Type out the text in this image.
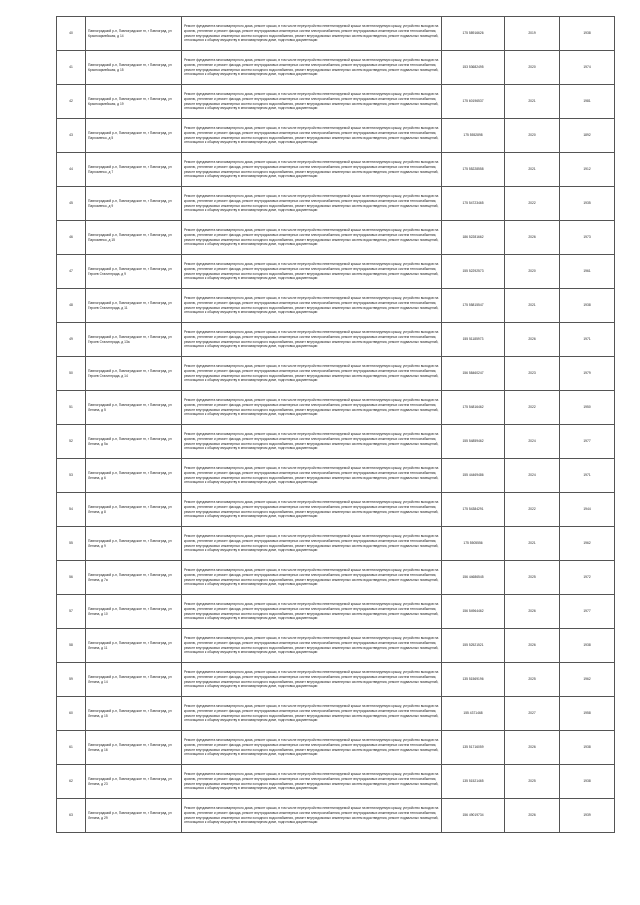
40	Павлоградский р-н, Павлоградское гп, г Павлоград, ул Красноармейская, д 14	Ремонт фундамента многоквартирного дома, ремонт крыши, в том числе переустройство невентилируемой крыши на вентилируемую крышу, устройство выходов на кровлю, утепление и ремонт фасада, ремонт внутридомовых инженерных систем электроснабжения, ремонт внутридомовых инженерных систем теплоснабжения, ремонт внутридомовых инженерных систем холодного водоснабжения, ремонт внутридомовых инженерных систем водоотведения, ремонт подвальных помещений, относящихся к общему имуществу в многоквартирном доме, подготовка документации	175 58916626	2019	1938
41	Павлоградский р-н, Павлоградское гп, г Павлоград, ул Красноармейская, д 15	Ремонт фундамента многоквартирного дома, ремонт крыши, в том числе переустройство невентилируемой крыши на вентилируемую крышу, устройство выходов на кровлю, утепление и ремонт фасада, ремонт внутридомовых инженерных систем электроснабжения, ремонт внутридомовых инженерных систем теплоснабжения, ремонт внутридомовых инженерных систем холодного водоснабжения, ремонт внутридомовых инженерных систем водоотведения, ремонт подвальных помещений, относящихся к общему имуществу в многоквартирном доме, подготовка документации	153 53682495	2020	1974
42	Павлоградский р-н, Павлоградское гп, г Павлоград, ул Красноармейская, д 19	Ремонт фундамента многоквартирного дома, ремонт крыши, в том числе переустройство невентилируемой крыши на вентилируемую крышу, устройство выходов на кровлю, утепление и ремонт фасада, ремонт внутридомовых инженерных систем электроснабжения, ремонт внутридомовых инженерных систем теплоснабжения, ремонт внутридомовых инженерных систем холодного водоснабжения, ремонт внутридомовых инженерных систем водоотведения, ремонт подвальных помещений, относящихся к общему имуществу в многоквартирном доме, подготовка документации	175 60196537	2021	1981
43	Павлоградский р-н, Павлоградское гп, г Павлоград, ул Пархоменко, д 5	Ремонт фундамента многоквартирного дома, ремонт крыши, в том числе переустройство невентилируемой крыши на вентилируемую крышу, устройство выходов на кровлю, утепление и ремонт фасада, ремонт внутридомовых инженерных систем электроснабжения, ремонт внутридомовых инженерных систем теплоснабжения, ремонт внутридомовых инженерных систем холодного водоснабжения, ремонт внутридомовых инженерных систем водоотведения, ремонт подвальных помещений, относящихся к общему имуществу в многоквартирном доме, подготовка документации	175 5552898	2020	1892
44	Павлоградский р-н, Павлоградское гп, г Павлоград, ул Пархоменко, д 7	Ремонт фундамента многоквартирного дома, ремонт крыши, в том числе переустройство невентилируемой крыши на вентилируемую крышу, устройство выходов на кровлю, утепление и ремонт фасада, ремонт внутридомовых инженерных систем электроснабжения, ремонт внутридомовых инженерных систем теплоснабжения, ремонт внутридомовых инженерных систем холодного водоснабжения, ремонт внутридомовых инженерных систем водоотведения, ремонт подвальных помещений, относящихся к общему имуществу в многоквартирном доме, подготовка документации	175 55228558	2021	1912
45	Павлоградский р-н, Павлоградское гп, г Павлоград, ул Пархоменко, д 9	Ремонт фундамента многоквартирного дома, ремонт крыши, в том числе переустройство невентилируемой крыши на вентилируемую крышу, устройство выходов на кровлю, утепление и ремонт фасада, ремонт внутридомовых инженерных систем электроснабжения, ремонт внутридомовых инженерных систем теплоснабжения, ремонт внутридомовых инженерных систем холодного водоснабжения, ремонт внутридомовых инженерных систем водоотведения, ремонт подвальных помещений, относящихся к общему имуществу в многоквартирном доме, подготовка документации	175 54723465	2022	1935
46	Павлоградский р-н, Павлоградское гп, г Павлоград, ул Пархоменко, д 15	Ремонт фундамента многоквартирного дома, ремонт крыши, в том числе переустройство невентилируемой крыши на вентилируемую крышу, устройство выходов на кровлю, утепление и ремонт фасада, ремонт внутридомовых инженерных систем электроснабжения, ремонт внутридомовых инженерных систем теплоснабжения, ремонт внутридомовых инженерных систем холодного водоснабжения, ремонт внутридомовых инженерных систем водоотведения, ремонт подвальных помещений, относящихся к общему имуществу в многоквартирном доме, подготовка документации	186 52281662	2026	1973
47	Павлоградский р-н, Павлоградское гп, г Павлоград, ул Героев Сталинграда, д 9	Ремонт фундамента многоквартирного дома, ремонт крыши, в том числе переустройство невентилируемой крыши на вентилируемую крышу, устройство выходов на кровлю, утепление и ремонт фасада, ремонт внутридомовых инженерных систем электроснабжения, ремонт внутридомовых инженерных систем теплоснабжения, ремонт внутридомовых инженерных систем холодного водоснабжения, ремонт внутридомовых инженерных систем водоотведения, ремонт подвальных помещений, относящихся к общему имуществу в многоквартирном доме, подготовка документации	155 52292573	2020	1961
48	Павлоградский р-н, Павлоградское гп, г Павлоград, ул Героев Сталинграда, д 11	Ремонт фундамента многоквартирного дома, ремонт крыши, в том числе переустройство невентилируемой крыши на вентилируемую крышу, устройство выходов на кровлю, утепление и ремонт фасада, ремонт внутридомовых инженерных систем электроснабжения, ремонт внутридомовых инженерных систем теплоснабжения, ремонт внутридомовых инженерных систем холодного водоснабжения, ремонт внутридомовых инженерных систем водоотведения, ремонт подвальных помещений, относящихся к общему имуществу в многоквартирном доме, подготовка документации	175 55815547	2021	1938
49	Павлоградский р-н, Павлоградское гп, г Павлоград, ул Героев Сталинграда, д 13а	Ремонт фундамента многоквартирного дома, ремонт крыши, в том числе переустройство невентилируемой крыши на вентилируемую крышу, устройство выходов на кровлю, утепление и ремонт фасада, ремонт внутридомовых инженерных систем электроснабжения, ремонт внутридомовых инженерных систем теплоснабжения, ремонт внутридомовых инженерных систем холодного водоснабжения, ремонт внутридомовых инженерных систем водоотведения, ремонт подвальных помещений, относящихся к общему имуществу в многоквартирном доме, подготовка документации	155 51185973	2026	1971
50	Павлоградский р-н, Павлоградское гп, г Павлоград, ул Героев Сталинграда, д 14	Ремонт фундамента многоквартирного дома, ремонт крыши, в том числе переустройство невентилируемой крыши на вентилируемую крышу, устройство выходов на кровлю, утепление и ремонт фасада, ремонт внутридомовых инженерных систем электроснабжения, ремонт внутридомовых инженерных систем теплоснабжения, ремонт внутридомовых инженерных систем холодного водоснабжения, ремонт внутридомовых инженерных систем водоотведения, ремонт подвальных помещений, относящихся к общему имуществу в многоквартирном доме, подготовка документации	156 58460247	2023	1979
51	Павлоградский р-н, Павлоградское гп, г Павлоград, ул Ленина, д 5	Ремонт фундамента многоквартирного дома, ремонт крыши, в том числе переустройство невентилируемой крыши на вентилируемую крышу, устройство выходов на кровлю, утепление и ремонт фасада, ремонт внутридомовых инженерных систем электроснабжения, ремонт внутридомовых инженерных систем теплоснабжения, ремонт внутридомовых инженерных систем холодного водоснабжения, ремонт внутридомовых инженерных систем водоотведения, ремонт подвальных помещений, относящихся к общему имуществу в многоквартирном доме, подготовка документации	175 54816462	2022	1950
52	Павлоградский р-н, Павлоградское гп, г Павлоград, ул Ленина, д 5а	Ремонт фундамента многоквартирного дома, ремонт крыши, в том числе переустройство невентилируемой крыши на вентилируемую крышу, устройство выходов на кровлю, утепление и ремонт фасада, ремонт внутридомовых инженерных систем электроснабжения, ремонт внутридомовых инженерных систем теплоснабжения, ремонт внутридомовых инженерных систем холодного водоснабжения, ремонт внутридомовых инженерных систем водоотведения, ремонт подвальных помещений, относящихся к общему имуществу в многоквартирном доме, подготовка документации	155 54859462	2024	1977
53	Павлоградский р-н, Павлоградское гп, г Павлоград, ул Ленина, д 6	Ремонт фундамента многоквартирного дома, ремонт крыши, в том числе переустройство невентилируемой крыши на вентилируемую крышу, устройство выходов на кровлю, утепление и ремонт фасада, ремонт внутридомовых инженерных систем электроснабжения, ремонт внутридомовых инженерных систем теплоснабжения, ремонт внутридомовых инженерных систем холодного водоснабжения, ремонт внутридомовых инженерных систем водоотведения, ремонт подвальных помещений, относящихся к общему имуществу в многоквартирном доме, подготовка документации	155 44469486	2024	1971
54	Павлоградский р-н, Павлоградское гп, г Павлоград, ул Ленина, д 8	Ремонт фундамента многоквартирного дома, ремонт крыши, в том числе переустройство невентилируемой крыши на вентилируемую крышу, устройство выходов на кровлю, утепление и ремонт фасада, ремонт внутридомовых инженерных систем электроснабжения, ремонт внутридомовых инженерных систем теплоснабжения, ремонт внутридомовых инженерных систем холодного водоснабжения, ремонт внутридомовых инженерных систем водоотведения, ремонт подвальных помещений, относящихся к общему имуществу в многоквартирном доме, подготовка документации	175 54384291	2022	1944
55	Павлоградский р-н, Павлоградское гп, г Павлоград, ул Ленина, д 9	Ремонт фундамента многоквартирного дома, ремонт крыши, в том числе переустройство невентилируемой крыши на вентилируемую крышу, устройство выходов на кровлю, утепление и ремонт фасада, ремонт внутридомовых инженерных систем электроснабжения, ремонт внутридомовых инженерных систем теплоснабжения, ремонт внутридомовых инженерных систем холодного водоснабжения, ремонт внутридомовых инженерных систем водоотведения, ремонт подвальных помещений, относящихся к общему имуществу в многоквартирном доме, подготовка документации	175 5505556	2021	1962
56	Павлоградский р-н, Павлоградское гп, г Павлоград, ул Ленина, д 7а	Ремонт фундамента многоквартирного дома, ремонт крыши, в том числе переустройство невентилируемой крыши на вентилируемую крышу, устройство выходов на кровлю, утепление и ремонт фасада, ремонт внутридомовых инженерных систем электроснабжения, ремонт внутридомовых инженерных систем теплоснабжения, ремонт внутридомовых инженерных систем холодного водоснабжения, ремонт внутридомовых инженерных систем водоотведения, ремонт подвальных помещений, относящихся к общему имуществу в многоквартирном доме, подготовка документации	156 44686545	2025	1972
57	Павлоградский р-н, Павлоградское гп, г Павлоград, ул Ленина, д 10	Ремонт фундамента многоквартирного дома, ремонт крыши, в том числе переустройство невентилируемой крыши на вентилируемую крышу, устройство выходов на кровлю, утепление и ремонт фасада, ремонт внутридомовых инженерных систем электроснабжения, ремонт внутридомовых инженерных систем теплоснабжения, ремонт внутридомовых инженерных систем холодного водоснабжения, ремонт внутридомовых инженерных систем водоотведения, ремонт подвальных помещений, относящихся к общему имуществу в многоквартирном доме, подготовка документации	156 54964462	2026	1977
58	Павлоградский р-н, Павлоградское гп, г Павлоград, ул Ленина, д 11	Ремонт фундамента многоквартирного дома, ремонт крыши, в том числе переустройство невентилируемой крыши на вентилируемую крышу, устройство выходов на кровлю, утепление и ремонт фасада, ремонт внутридомовых инженерных систем электроснабжения, ремонт внутридомовых инженерных систем теплоснабжения, ремонт внутридомовых инженерных систем холодного водоснабжения, ремонт внутридомовых инженерных систем водоотведения, ремонт подвальных помещений, относящихся к общему имуществу в многоквартирном доме, подготовка документации	155 52521521	2026	1938
59	Павлоградский р-н, Павлоградское гп, г Павлоград, ул Ленина, д 14	Ремонт фундамента многоквартирного дома, ремонт крыши, в том числе переустройство невентилируемой крыши на вентилируемую крышу, устройство выходов на кровлю, утепление и ремонт фасада, ремонт внутридомовых инженерных систем электроснабжения, ремонт внутридомовых инженерных систем теплоснабжения, ремонт внутридомовых инженерных систем холодного водоснабжения, ремонт внутридомовых инженерных систем водоотведения, ремонт подвальных помещений, относящихся к общему имуществу в многоквартирном доме, подготовка документации	135 51569196	2025	1962
60	Павлоградский р-н, Павлоградское гп, г Павлоград, ул Ленина, д 15	Ремонт фундамента многоквартирного дома, ремонт крыши, в том числе переустройство невентилируемой крыши на вентилируемую крышу, устройство выходов на кровлю, утепление и ремонт фасада, ремонт внутридомовых инженерных систем электроснабжения, ремонт внутридомовых инженерных систем теплоснабжения, ремонт внутридомовых инженерных систем холодного водоснабжения, ремонт внутридомовых инженерных систем водоотведения, ремонт подвальных помещений, относящихся к общему имуществу в многоквартирном доме, подготовка документации	155 4371468	2027	1958
61	Павлоградский р-н, Павлоградское гп, г Павлоград, ул Ленина, д 16	Ремонт фундамента многоквартирного дома, ремонт крыши, в том числе переустройство невентилируемой крыши на вентилируемую крышу, устройство выходов на кровлю, утепление и ремонт фасада, ремонт внутридомовых инженерных систем электроснабжения, ремонт внутридомовых инженерных систем теплоснабжения, ремонт внутридомовых инженерных систем холодного водоснабжения, ремонт внутридомовых инженерных систем водоотведения, ремонт подвальных помещений, относящихся к общему имуществу в многоквартирном доме, подготовка документации	135 51716059	2026	1938
62	Павлоградский р-н, Павлоградское гп, г Павлоград, ул Ленина, д 23	Ремонт фундамента многоквартирного дома, ремонт крыши, в том числе переустройство невентилируемой крыши на вентилируемую крышу, устройство выходов на кровлю, утепление и ремонт фасада, ремонт внутридомовых инженерных систем электроснабжения, ремонт внутридомовых инженерных систем теплоснабжения, ремонт внутридомовых инженерных систем холодного водоснабжения, ремонт внутридомовых инженерных систем водоотведения, ремонт подвальных помещений, относящихся к общему имуществу в многоквартирном доме, подготовка документации	135 51521465	2025	1938
63	Павлоградский р-н, Павлоградское гп, г Павлоград, ул Ленина, д 29	Ремонт фундамента многоквартирного дома, ремонт крыши, в том числе переустройство невентилируемой крыши на вентилируемую крышу, устройство выходов на кровлю, утепление и ремонт фасада, ремонт внутридомовых инженерных систем электроснабжения, ремонт внутридомовых инженерных систем теплоснабжения, ремонт внутридомовых инженерных систем холодного водоснабжения, ремонт внутридомовых инженерных систем водоотведения, ремонт подвальных помещений, относящихся к общему имуществу в многоквартирном доме, подготовка документации	156 49019734	2026	1939
